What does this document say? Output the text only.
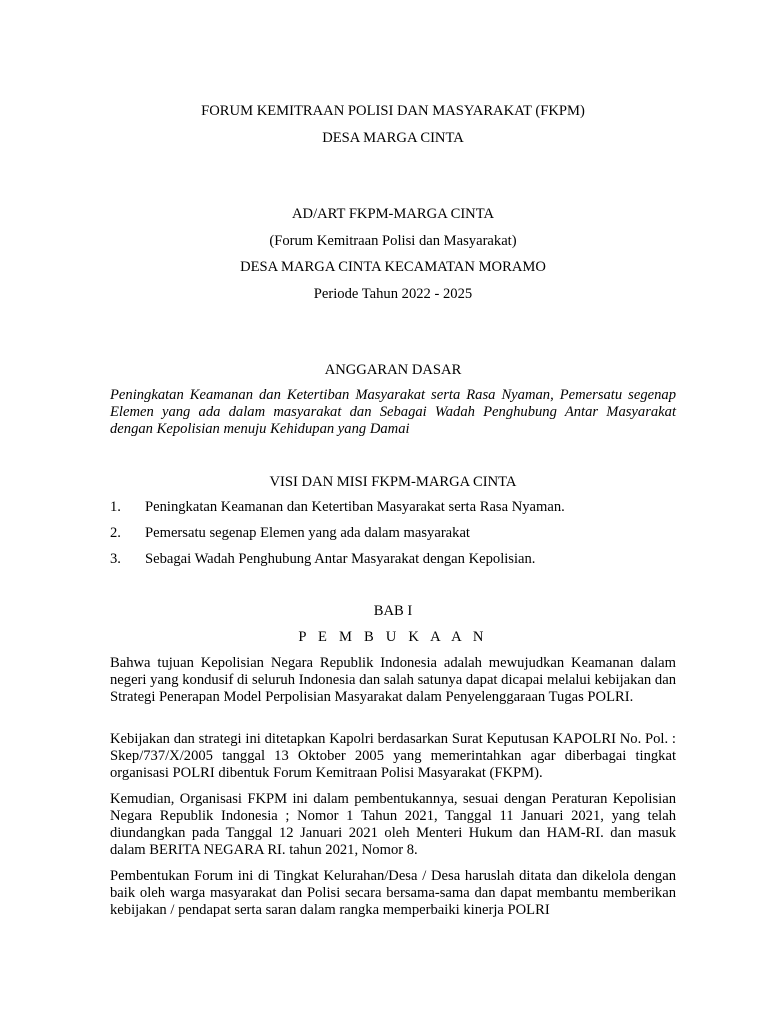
FORUM KEMITRAAN POLISI DAN MASYARAKAT (FKPM)
DESA MARGA CINTA
AD/ART FKPM-MARGA CINTA
(Forum Kemitraan Polisi dan Masyarakat)
DESA MARGA CINTA KECAMATAN MORAMO
Periode Tahun 2022 - 2025
ANGGARAN DASAR

Peningkatan Keamanan dan Ketertiban Masyarakat serta Rasa Nyaman, Pemersatu segenap Elemen yang ada dalam masyarakat dan Sebagai Wadah Penghubung Antar Masyarakat dengan Kepolisian menuju Kehidupan yang Damai

VISI DAN MISI FKPM-MARGA CINTA
1.	Peningkatan Keamanan dan Ketertiban Masyarakat serta Rasa Nyaman.
2.	Pemersatu segenap Elemen yang ada dalam masyarakat
3.	Sebagai Wadah Penghubung Antar Masyarakat dengan Kepolisian.
BAB I
P E M B U K A A N

Bahwa tujuan Kepolisian Negara Republik Indonesia adalah mewujudkan Keamanan dalam negeri yang kondusif di seluruh Indonesia dan salah satunya dapat dicapai melalui kebijakan dan Strategi Penerapan Model Perpolisian Masyarakat dalam Penyelenggaraan Tugas POLRI.

Kebijakan dan strategi ini ditetapkan Kapolri berdasarkan Surat Keputusan KAPOLRI No. Pol. : Skep/737/X/2005 tanggal 13 Oktober 2005 yang memerintahkan agar diberbagai tingkat organisasi POLRI dibentuk Forum Kemitraan Polisi Masyarakat (FKPM).

Kemudian, Organisasi FKPM ini dalam pembentukannya, sesuai dengan Peraturan Kepolisian Negara Republik Indonesia ; Nomor 1 Tahun 2021, Tanggal 11 Januari 2021, yang telah diundangkan pada Tanggal 12 Januari 2021 oleh Menteri Hukum dan HAM-RI. dan masuk dalam BERITA NEGARA RI. tahun 2021, Nomor 8.

Pembentukan Forum ini di Tingkat Kelurahan/Desa / Desa haruslah ditata dan dikelola dengan baik oleh warga masyarakat dan Polisi secara bersama-sama dan dapat membantu memberikan kebijakan / pendapat serta saran dalam rangka memperbaiki kinerja POLRI
